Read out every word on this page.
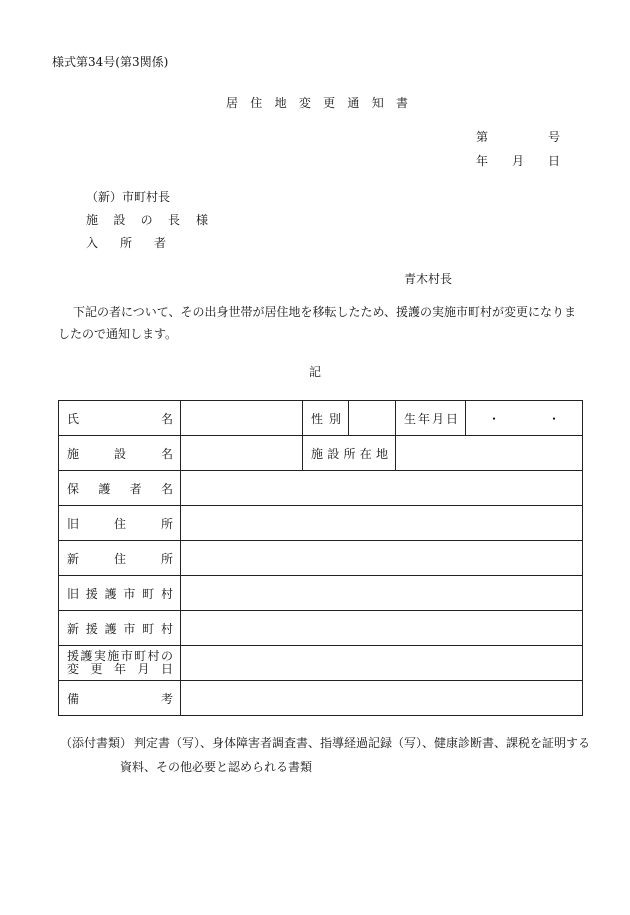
様式第34号(第3関係)
居住地変更通知書
第　　　　　号
年　　月　　日
（新）市町村長
施設の長 様
入所者
青木村長
下記の者について、その出身世帯が居住地を移転したため、援護の実施市町村が変更になりましたので通知します。
記
氏名		性別		生年月日	・　　　　・
施設名		施設所在地			
保護者名					
旧住所					
新住所					
旧援護市町村					
新援護市町村					
援護実施市町村の
変更年月日					
備考					
（添付書類） 判定書（写）、身体障害者調査書、指導経過記録（写）、健康診断書、課税を証明する
資料、その他必要と認められる書類
